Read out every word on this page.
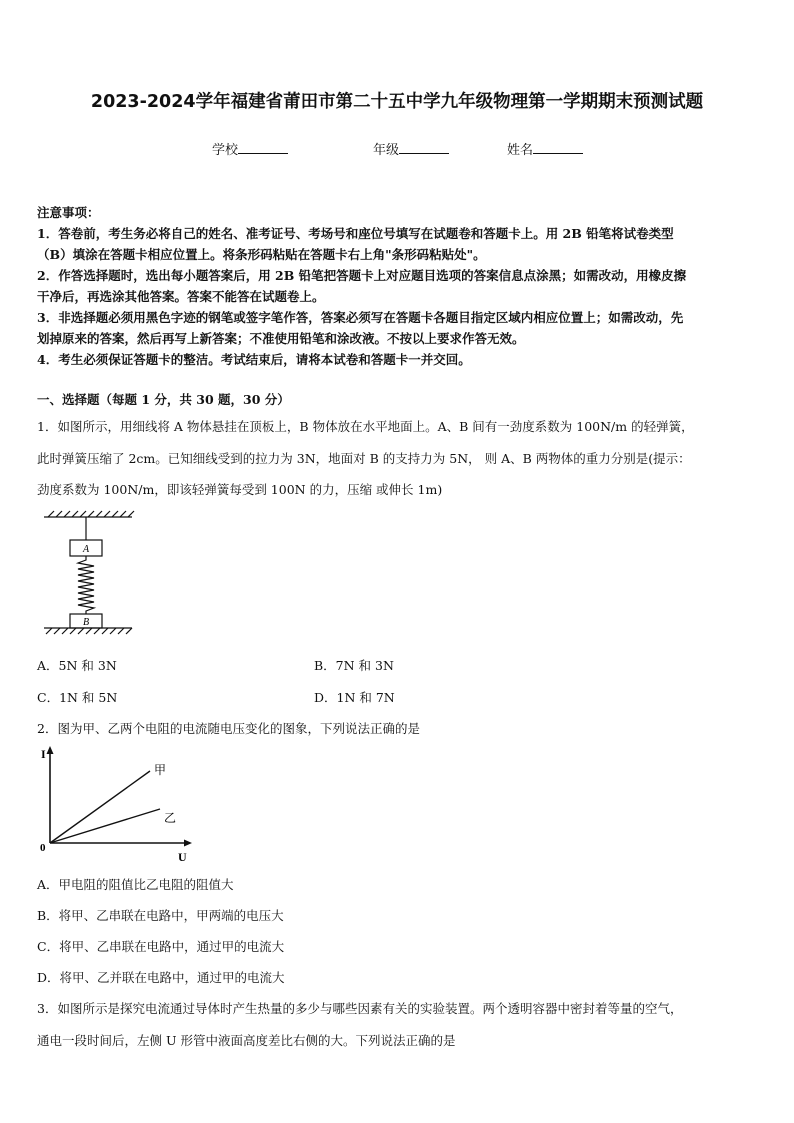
2023-2024学年福建省莆田市第二十五中学九年级物理第一学期期末预测试题
学校	年级	姓名
注意事项：
1．答卷前，考生务必将自己的姓名、准考证号、考场号和座位号填写在试题卷和答题卡上。用 2B 铅笔将试卷类型
（B）填涂在答题卡相应位置上。将条形码粘贴在答题卡右上角"条形码粘贴处"。
2．作答选择题时，选出每小题答案后，用 2B 铅笔把答题卡上对应题目选项的答案信息点涂黑；如需改动，用橡皮擦
干净后，再选涂其他答案。答案不能答在试题卷上。
3．非选择题必须用黑色字迹的钢笔或签字笔作答，答案必须写在答题卡各题目指定区域内相应位置上；如需改动，先
划掉原来的答案，然后再写上新答案；不准使用铅笔和涂改液。不按以上要求作答无效。
4．考生必须保证答题卡的整洁。考试结束后，请将本试卷和答题卡一并交回。
一、选择题（每题 1 分，共 30 题，30 分）
1．如图所示，用细线将 A 物体悬挂在顶板上，B 物体放在水平地面上。A、B 间有一劲度系数为 100N/m 的轻弹簧，
此时弹簧压缩了 2cm。已知细线受到的拉力为 3N，地面对 B 的支持力为 5N， 则 A、B 两物体的重力分别是(提示：
劲度系数为 100N/m，即该轻弹簧每受到 100N 的力，压缩 或伸长 1m)
A
B
A．5N 和 3N	B．7N 和 3N
C．1N 和 5N	D．1N 和 7N
2．图为甲、乙两个电阻的电流随电压变化的图象，下列说法正确的是
I
U
0
甲
乙
A．甲电阻的阻值比乙电阻的阻值大
B．将甲、乙串联在电路中，甲两端的电压大
C．将甲、乙串联在电路中，通过甲的电流大
D．将甲、乙并联在电路中，通过甲的电流大
3．如图所示是探究电流通过导体时产生热量的多少与哪些因素有关的实验装置。两个透明容器中密封着等量的空气，
通电一段时间后，左侧 U 形管中液面高度差比右侧的大。下列说法正确的是
